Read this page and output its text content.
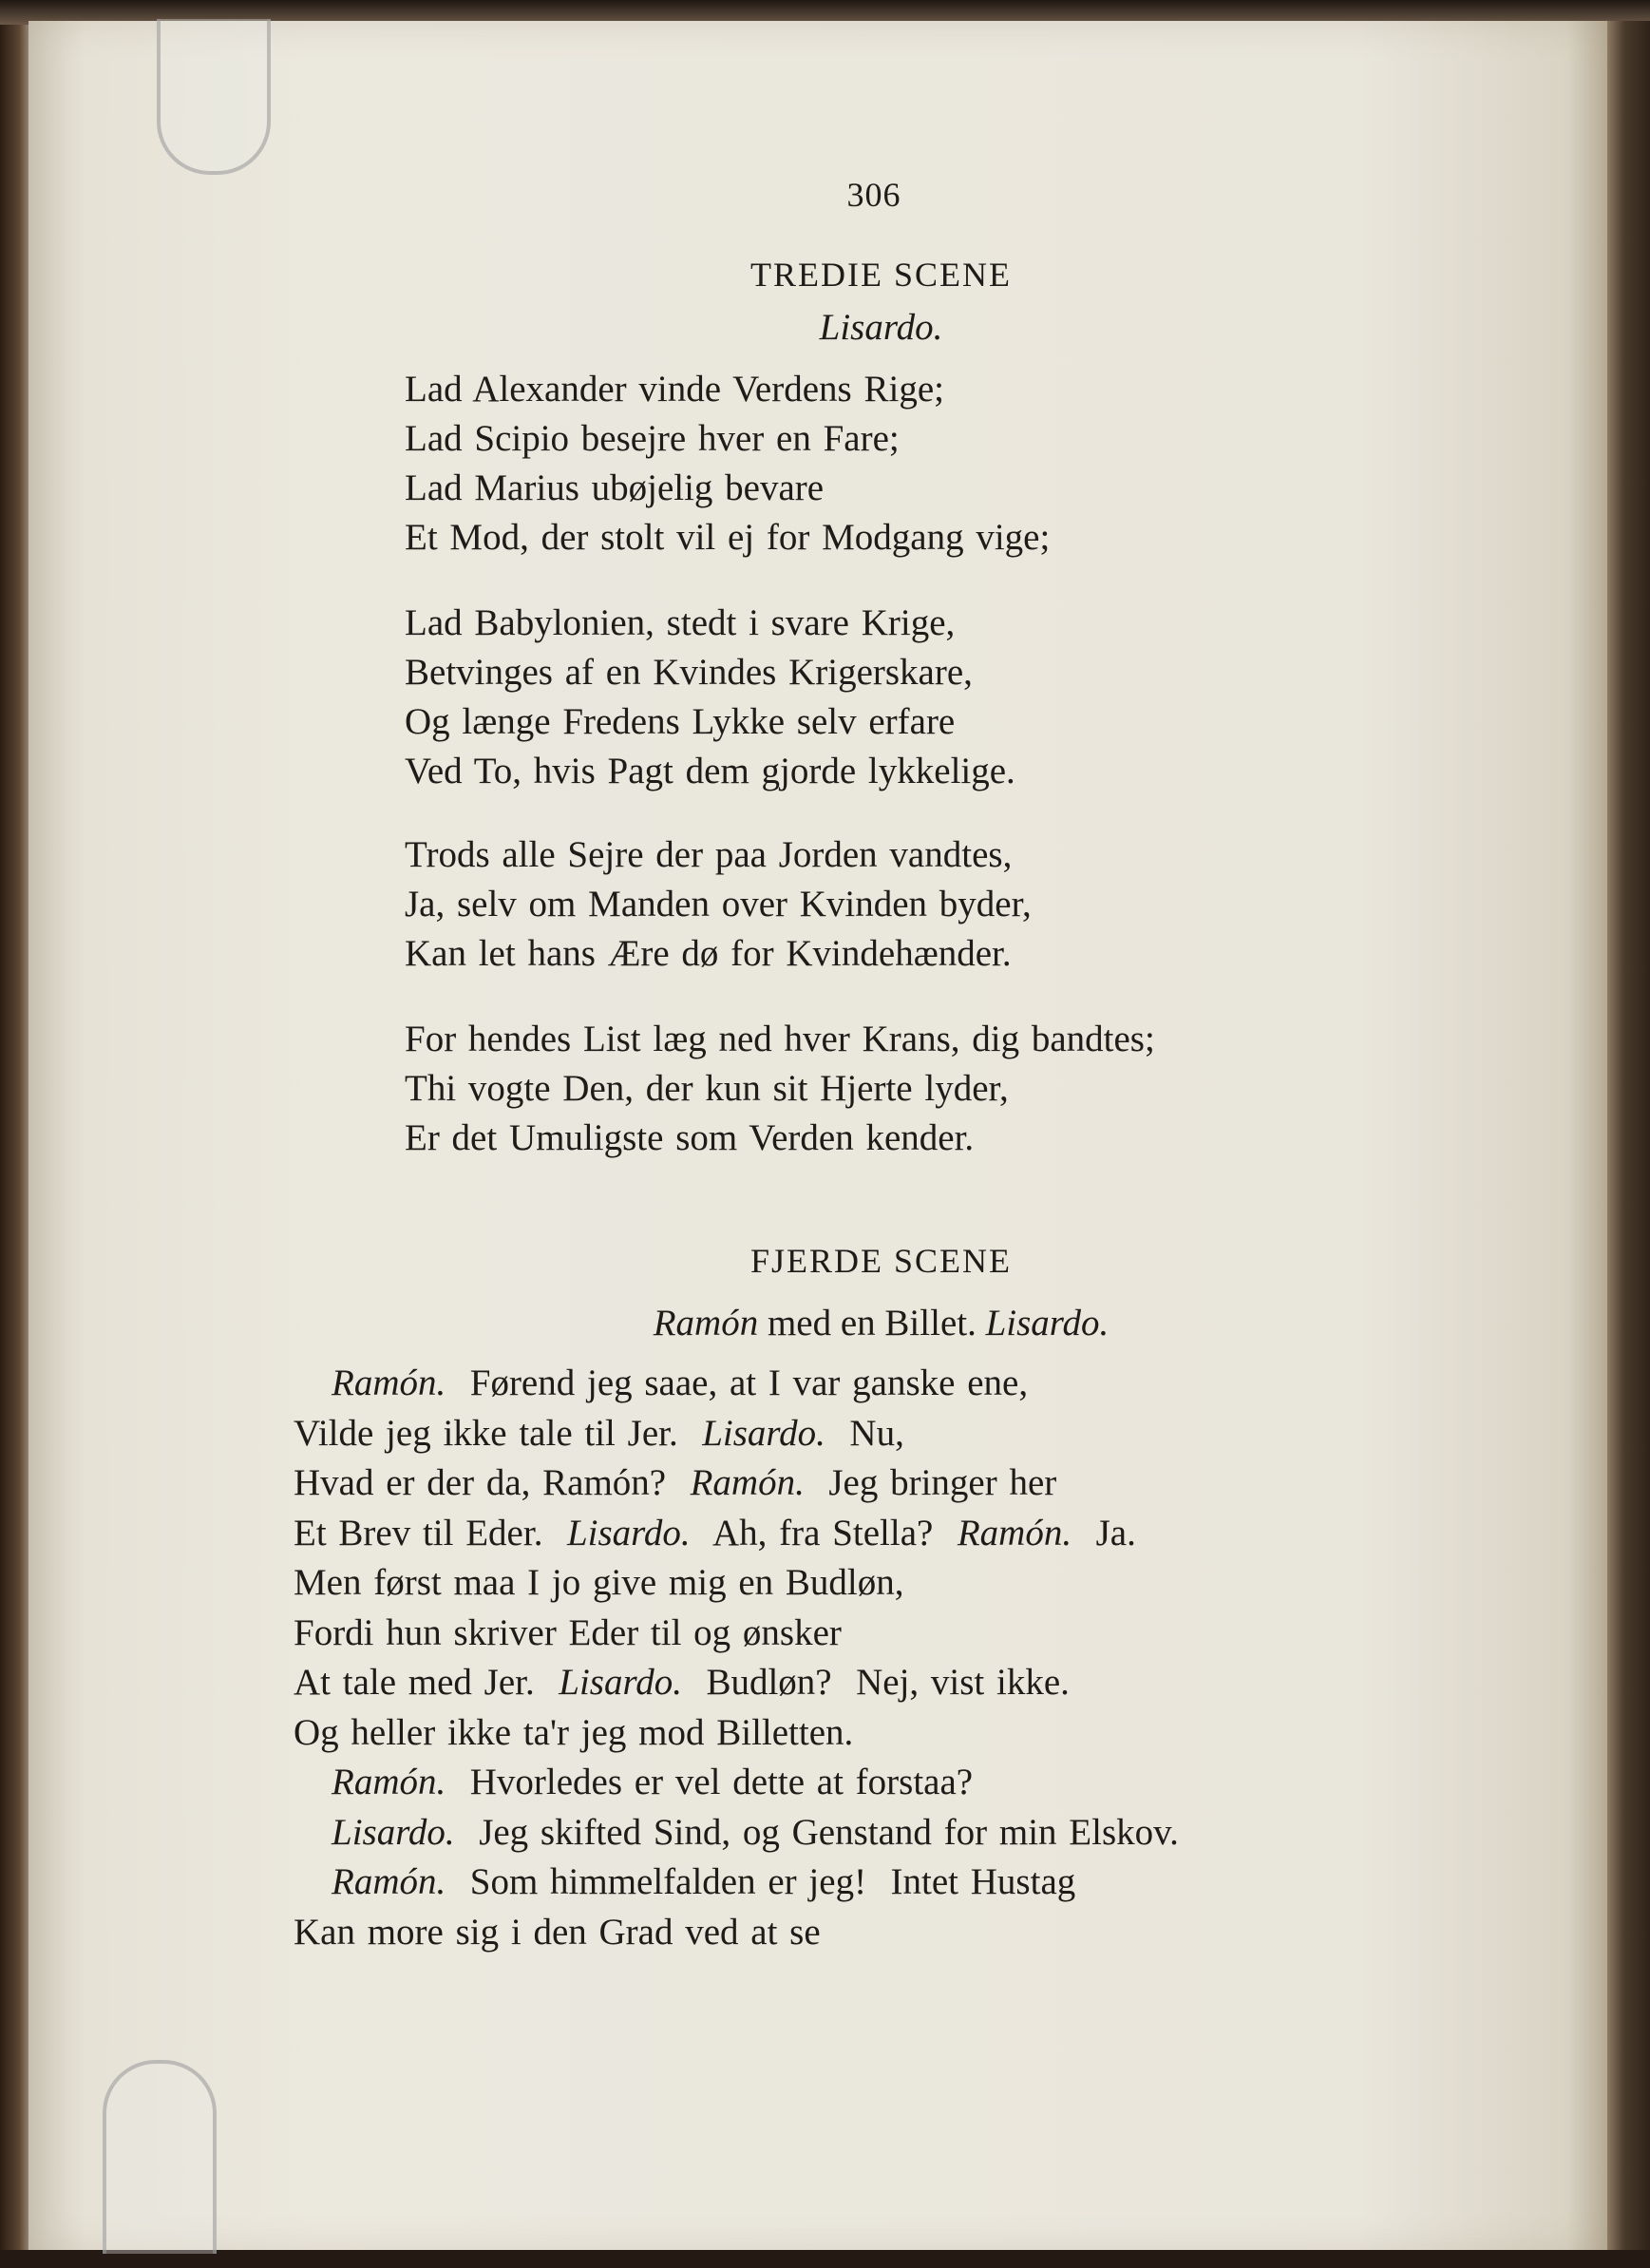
306
TREDIE SCENE
Lisardo.
Lad Alexander vinde Verdens Rige;
Lad Scipio besejre hver en Fare;
Lad Marius ubøjelig bevare
Et Mod, der stolt vil ej for Modgang vige;
Lad Babylonien, stedt i svare Krige,
Betvinges af en Kvindes Krigerskare,
Og længe Fredens Lykke selv erfare
Ved To, hvis Pagt dem gjorde lykkelige.
Trods alle Sejre der paa Jorden vandtes,
Ja, selv om Manden over Kvinden byder,
Kan let hans Ære dø for Kvindehænder.
For hendes List læg ned hver Krans, dig bandtes;
Thi vogte Den, der kun sit Hjerte lyder,
Er det Umuligste som Verden kender.
FJERDE SCENE
Ramón med en Billet. Lisardo.
Ramón.  Førend jeg saae, at I var ganske ene,
Vilde jeg ikke tale til Jer.  Lisardo.  Nu,
Hvad er der da, Ramón?  Ramón.  Jeg bringer her
Et Brev til Eder.  Lisardo.  Ah, fra Stella?  Ramón.  Ja.
Men først maa I jo give mig en Budløn,
Fordi hun skriver Eder til og ønsker
At tale med Jer.  Lisardo.  Budløn?  Nej, vist ikke.
Og heller ikke ta'r jeg mod Billetten.
Ramón.  Hvorledes er vel dette at forstaa?
Lisardo.  Jeg skifted Sind, og Genstand for min Elskov.
Ramón.  Som himmelfalden er jeg!  Intet Hustag
Kan more sig i den Grad ved at se
